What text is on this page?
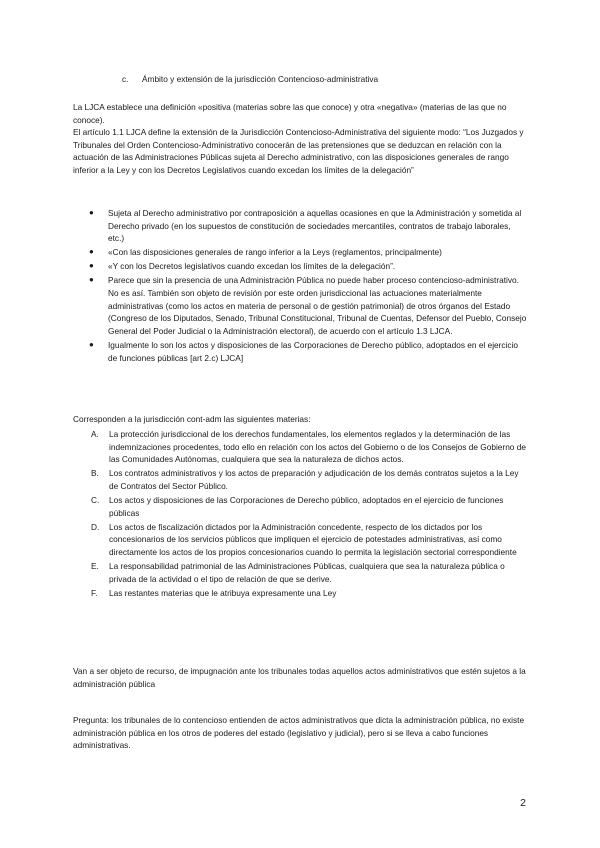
c. Ámbito y extensión de la jurisdicción Contencioso-administrativa

La LJCA establece una definición «positiva (materias sobre las que conoce) y otra «negativa» (materias de las que no conoce).

El artículo 1.1 LJCA define la extensión de la Jurisdicción Contencioso-Administrativa del siguiente modo: “Los Juzgados y Tribunales del Orden Contencioso-Administrativo conocerán de las pretensiones que se deduzcan en relación con la actuación de las Administraciones Públicas sujeta al Derecho administrativo, con las disposiciones generales de rango inferior a la Ley y con los Decretos Legislativos cuando excedan los límites de la delegación”

● Sujeta al Derecho administrativo por contraposición a aquellas ocasiones en que la Administración y sometida al Derecho privado (en los supuestos de constitución de sociedades mercantiles, contratos de trabajo laborales, etc.)
● «Con las disposiciones generales de rango inferior a la Leys (reglamentos, principalmente)
● «Y con los Decretos legislativos cuando excedan los límites de la delegación”.
● Parece que sin la presencia de una Administración Pública no puede haber proceso contencioso-administrativo. No es así. También son objeto de revisión por este orden jurisdiccional las actuaciones materialmente administrativas (como los actos en materia de personal o de gestión patrimonial) de otros órganos del Estado (Congreso de los Diputados, Senado, Tribunal Constitucional, Tribunal de Cuentas, Defensor del Pueblo, Consejo General del Poder Judicial o la Administración electoral), de acuerdo con el artículo 1.3 LJCA.
● Igualmente lo son los actos y disposiciones de las Corporaciones de Derecho público, adoptados en el ejercicio de funciones públicas [art 2.c) LJCA]

Corresponden a la jurisdicción cont-adm las siguientes materias:

A. La protección jurisdiccional de los derechos fundamentales, los elementos reglados y la determinación de las indemnizaciones procedentes, todo ello en relación con los actos del Gobierno o de los Consejos de Gobierno de las Comunidades Autónomas, cualquiera que sea la naturaleza de dichos actos.
B. Los contratos administrativos y los actos de preparación y adjudicación de los demás contratos sujetos a la Ley de Contratos del Sector Público.
C. Los actos y disposiciones de las Corporaciones de Derecho público, adoptados en el ejercicio de funciones públicas
D. Los actos de fiscalización dictados por la Administración concedente, respecto de los dictados por los concesionarios de los servicios públicos que impliquen el ejercicio de potestades administrativas, así como directamente los actos de los propios concesionarios cuando lo permita la legislación sectorial correspondiente
E. La responsabilidad patrimonial de las Administraciones Públicas, cualquiera que sea la naturaleza pública o privada de la actividad o el tipo de relación de que se derive.
F. Las restantes materias que le atribuya expresamente una Ley

Van a ser objeto de recurso, de impugnación ante los tribunales todas aquellos actos administrativos que estén sujetos a la administración pública

Pregunta: los tribunales de lo contencioso entienden de actos administrativos que dicta la administración pública, no existe administración pública en los otros de poderes del estado (legislativo y judicial), pero si se lleva a cabo funciones administrativas.

2
